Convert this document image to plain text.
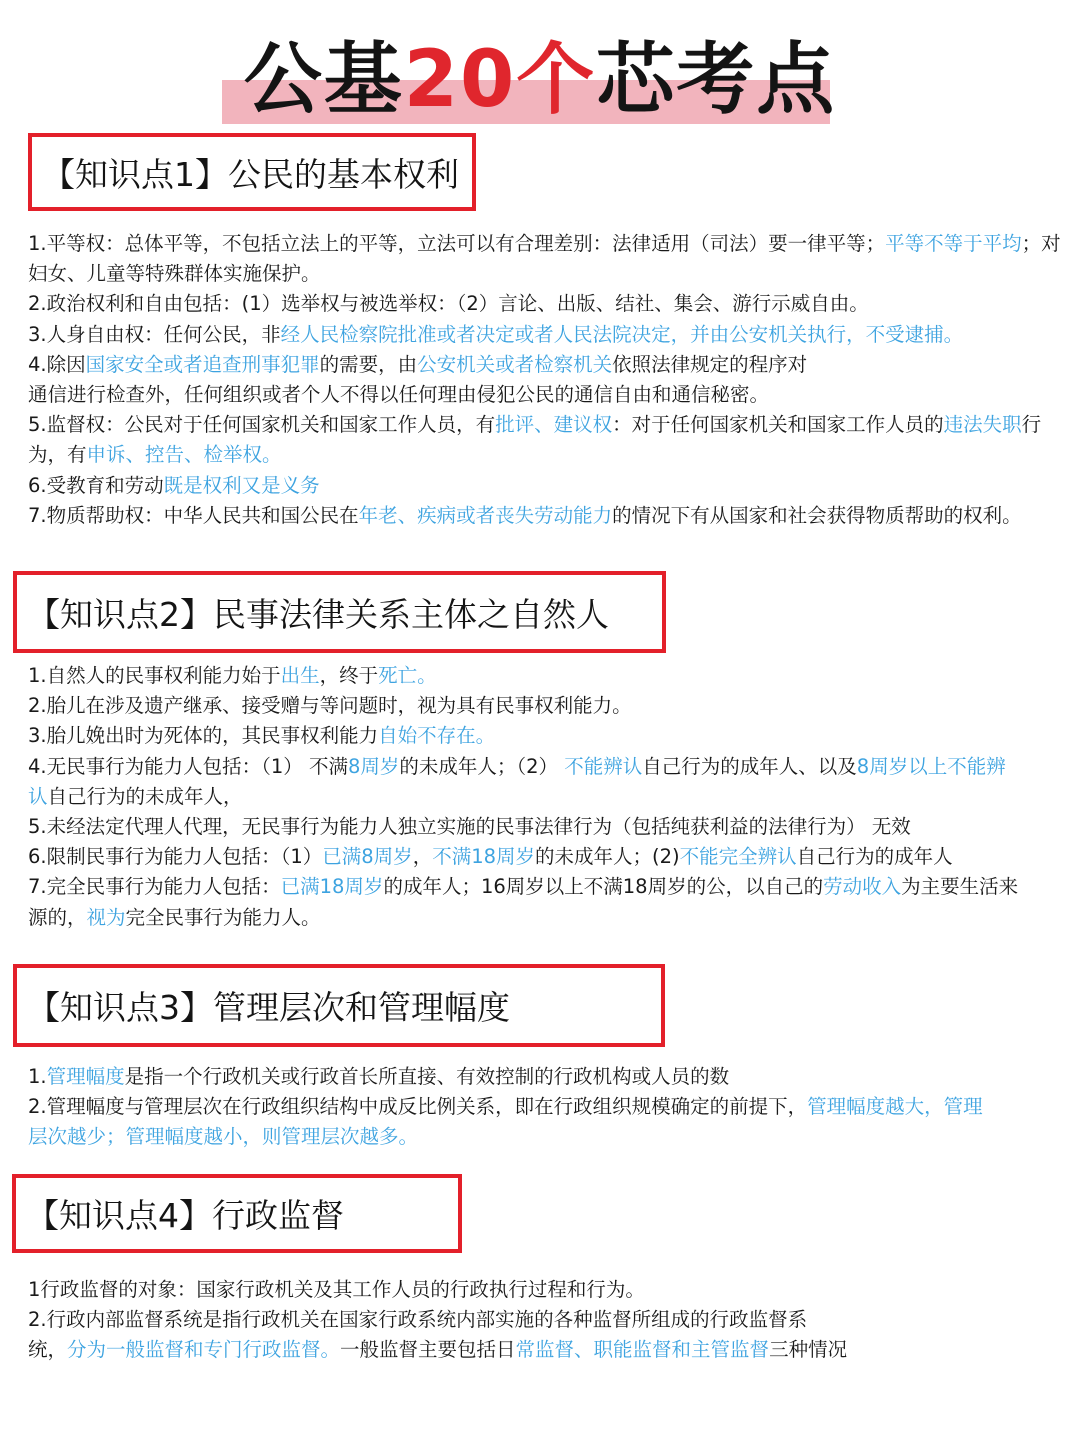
公基20个芯考点
【知识点1】公民的基本权利

1.平等权：总体平等，不包括立法上的平等，立法可以有合理差别：法律适用（司法）要一律平等；平等不等于平均；对妇女、儿童等特殊群体实施保护。

2.政治权利和自由包括：(1）选举权与被选举权：（2）言论、出版、结社、集会、游行示威自由。

3.人身自由权：任何公民，非经人民检察院批准或者决定或者人民法院决定，并由公安机关执行，不受逮捕。

4.除因国家安全或者追查刑事犯罪的需要，由公安机关或者检察机关依照法律规定的程序对

通信进行检查外，任何组织或者个人不得以任何理由侵犯公民的通信自由和通信秘密。

5.监督权：公民对于任何国家机关和国家工作人员，有批评、建议权：对于任何国家机关和国家工作人员的违法失职行为，有申诉、控告、检举权。

6.受教育和劳动既是权利又是义务

7.物质帮助权：中华人民共和国公民在年老、疾病或者丧失劳动能力的情况下有从国家和社会获得物质帮助的权利。

【知识点2】民事法律关系主体之自然人

1.自然人的民事权利能力始于出生，终于死亡。

2.胎儿在涉及遗产继承、接受赠与等问题时，视为具有民事权利能力。

3.胎儿娩出时为死体的，其民事权利能力自始不存在。

4.无民事行为能力人包括：（1） 不满8周岁的未成年人；（2） 不能辨认自己行为的成年人、以及8周岁以上不能辨认自己行为的未成年人，

5.未经法定代理人代理，无民事行为能力人独立实施的民事法律行为（包括纯获利益的法律行为） 无效

6.限制民事行为能力人包括：（1）已满8周岁，不满18周岁的未成年人；(2)不能完全辨认自己行为的成年人

7.完全民事行为能力人包括：已满18周岁的成年人；16周岁以上不满18周岁的公，以自己的劳动收入为主要生活来源的，视为完全民事行为能力人。

【知识点3】管理层次和管理幅度

1.管理幅度是指一个行政机关或行政首长所直接、有效控制的行政机构或人员的数

2.管理幅度与管理层次在行政组织结构中成反比例关系，即在行政组织规模确定的前提下，管理幅度越大，管理层次越少；管理幅度越小，则管理层次越多。

【知识点4】行政监督

1行政监督的对象：国家行政机关及其工作人员的行政执行过程和行为。

2.行政内部监督系统是指行政机关在国家行政系统内部实施的各种监督所组成的行政监督系

统，分为一般监督和专门行政监督。一般监督主要包括日常监督、职能监督和主管监督三种情况
